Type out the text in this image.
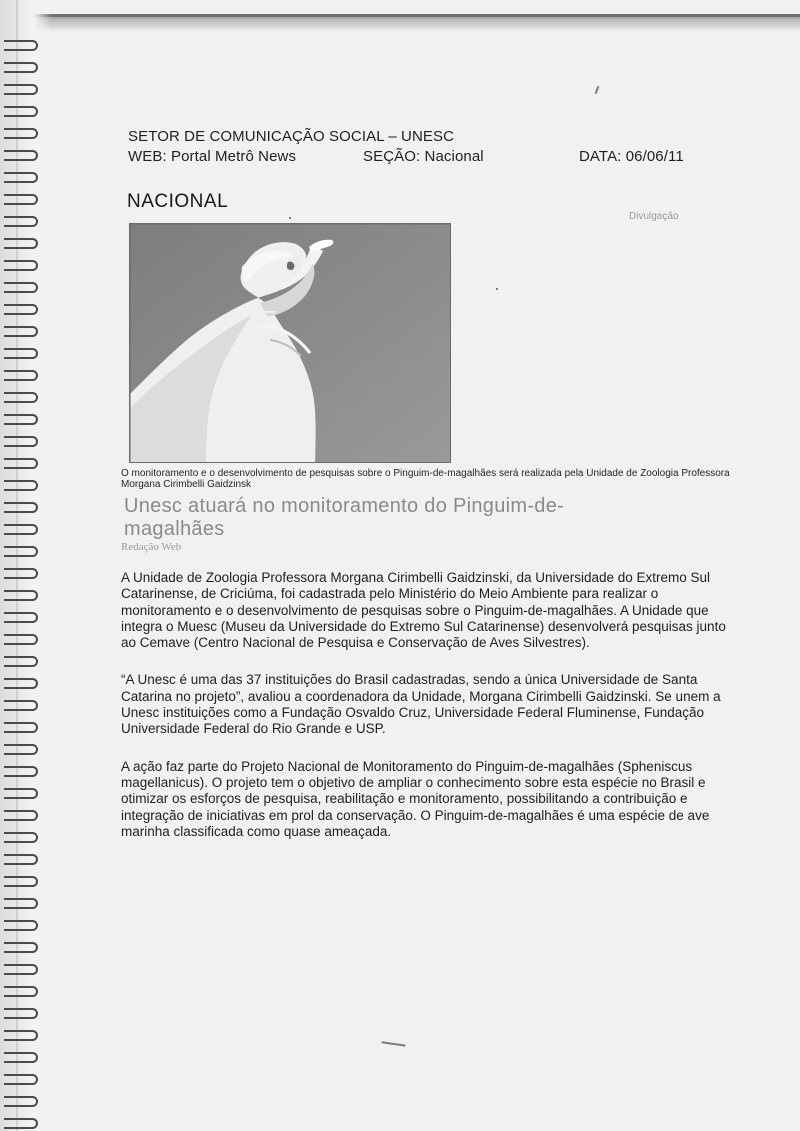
SETOR DE COMUNICAÇÃO SOCIAL – UNESC
WEB: Portal Metrô News	SEÇÃO: Nacional	DATA: 06/06/11
NACIONAL
Divulgação
O monitoramento e o desenvolvimento de pesquisas sobre o Pinguim-de-magalhães será realizada pela Unidade de Zoologia Professora Morgana Cirimbelli Gaidzinsk
Unesc atuará no monitoramento do Pinguim-de-magalhães
Redação Web

A Unidade de Zoologia Professora Morgana Cirimbelli Gaidzinski, da Universidade do Extremo Sul Catarinense, de Criciúma, foi cadastrada pelo Ministério do Meio Ambiente para realizar o monitoramento e o desenvolvimento de pesquisas sobre o Pinguim-de-magalhães. A Unidade que integra o Muesc (Museu da Universidade do Extremo Sul Catarinense) desenvolverá pesquisas junto ao Cemave (Centro Nacional de Pesquisa e Conservação de Aves Silvestres).

“A Unesc é uma das 37 instituições do Brasil cadastradas, sendo a única Universidade de Santa Catarina no projeto”, avaliou a coordenadora da Unidade, Morgana Cirimbelli Gaidzinski. Se unem a Unesc instituições como a Fundação Osvaldo Cruz, Universidade Federal Fluminense, Fundação Universidade Federal do Rio Grande e USP.

A ação faz parte do Projeto Nacional de Monitoramento do Pinguim-de-magalhães (Spheniscus magellanicus). O projeto tem o objetivo de ampliar o conhecimento sobre esta espécie no Brasil e otimizar os esforços de pesquisa, reabilitação e monitoramento, possibilitando a contribuição e integração de iniciativas em prol da conservação. O Pinguim-de-magalhães é uma espécie de ave marinha classificada como quase ameaçada.
